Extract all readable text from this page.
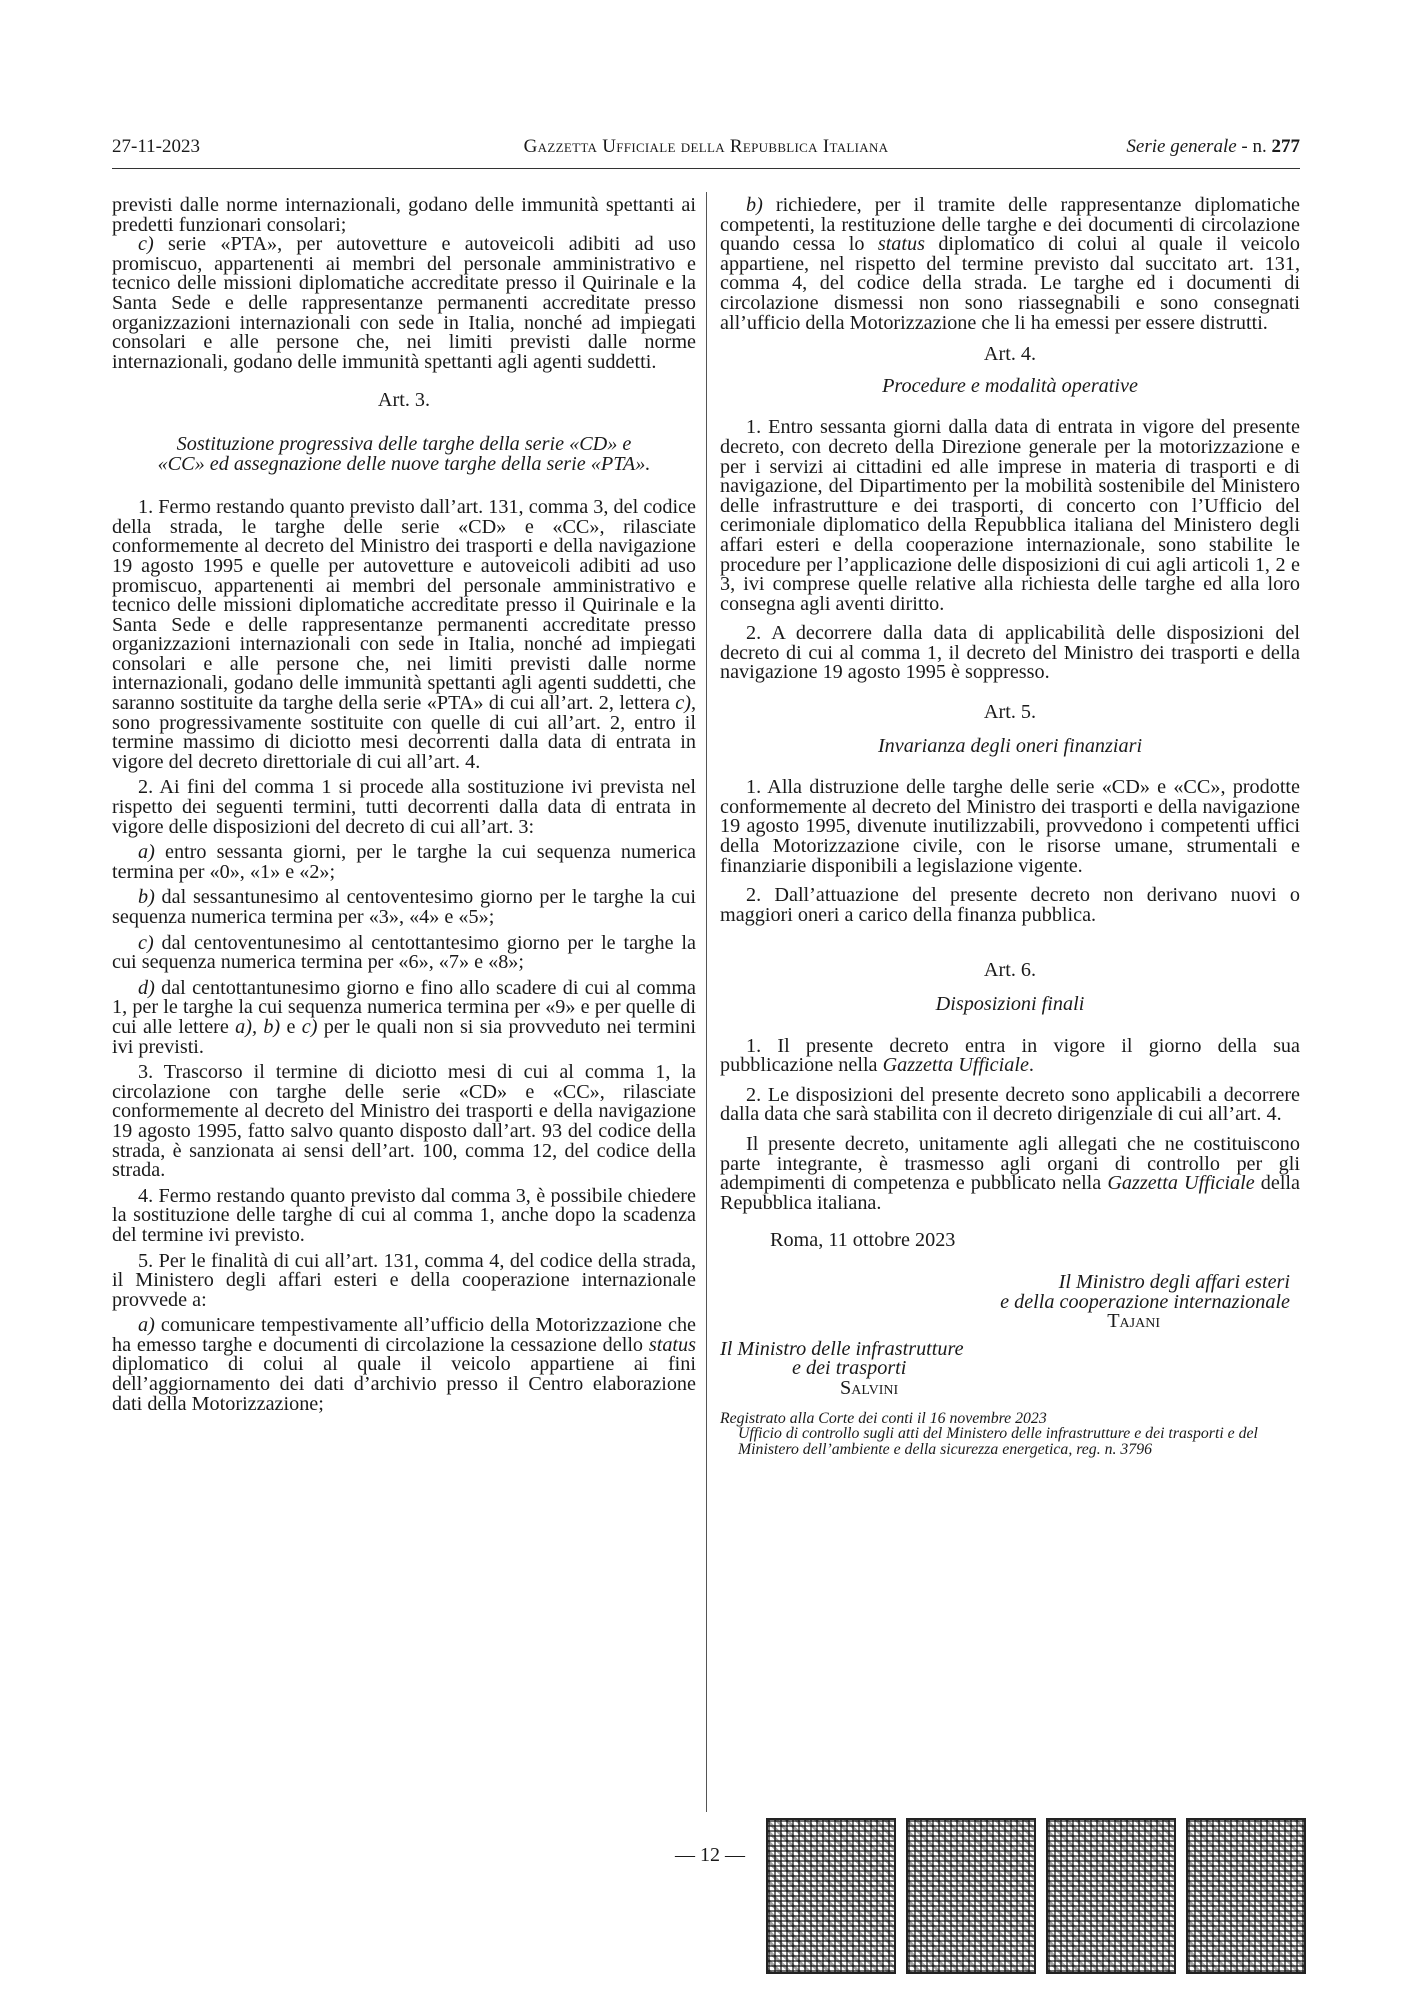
27-11-2023	Gazzetta Ufficiale della Repubblica Italiana	Serie generale - n. 277

previsti dalle norme internazionali, godano delle immunità spettanti ai predetti funzionari consolari;

c) serie «PTA», per autovetture e autoveicoli adibiti ad uso promiscuo, appartenenti ai membri del personale amministrativo e tecnico delle missioni diplomatiche accreditate presso il Quirinale e la Santa Sede e delle rappresentanze permanenti accreditate presso organizzazioni internazionali con sede in Italia, nonché ad impiegati consolari e alle persone che, nei limiti previsti dalle norme internazionali, godano delle immunità spettanti agli agenti suddetti.

Art. 3.

Sostituzione progressiva delle targhe della serie «CD» e
«CC» ed assegnazione delle nuove targhe della serie «PTA».

1. Fermo restando quanto previsto dall’art. 131, comma 3, del codice della strada, le targhe delle serie «CD» e «CC», rilasciate conformemente al decreto del Ministro dei trasporti e della navigazione 19 agosto 1995 e quelle per autovetture e autoveicoli adibiti ad uso promiscuo, appartenenti ai membri del personale amministrativo e tecnico delle missioni diplomatiche accreditate presso il Quirinale e la Santa Sede e delle rappresentanze permanenti accreditate presso organizzazioni internazionali con sede in Italia, nonché ad impiegati consolari e alle persone che, nei limiti previsti dalle norme internazionali, godano delle immunità spettanti agli agenti suddetti, che saranno sostituite da targhe della serie «PTA» di cui all’art. 2, lettera c), sono progressivamente sostituite con quelle di cui all’art. 2, entro il termine massimo di diciotto mesi decorrenti dalla data di entrata in vigore del decreto direttoriale di cui all’art. 4.

2. Ai fini del comma 1 si procede alla sostituzione ivi prevista nel rispetto dei seguenti termini, tutti decorrenti dalla data di entrata in vigore delle disposizioni del decreto di cui all’art. 3:

a) entro sessanta giorni, per le targhe la cui sequenza numerica termina per «0», «1» e «2»;

b) dal sessantunesimo al centoventesimo giorno per le targhe la cui sequenza numerica termina per «3», «4» e «5»;

c) dal centoventunesimo al centottantesimo giorno per le targhe la cui sequenza numerica termina per «6», «7» e «8»;

d) dal centottantunesimo giorno e fino allo scadere di cui al comma 1, per le targhe la cui sequenza numerica termina per «9» e per quelle di cui alle lettere a), b) e c) per le quali non si sia provveduto nei termini ivi previsti.

3. Trascorso il termine di diciotto mesi di cui al comma 1, la circolazione con targhe delle serie «CD» e «CC», rilasciate conformemente al decreto del Ministro dei trasporti e della navigazione 19 agosto 1995, fatto salvo quanto disposto dall’art. 93 del codice della strada, è sanzionata ai sensi dell’art. 100, comma 12, del codice della strada.

4. Fermo restando quanto previsto dal comma 3, è possibile chiedere la sostituzione delle targhe di cui al comma 1, anche dopo la scadenza del termine ivi previsto.

5. Per le finalità di cui all’art. 131, comma 4, del codice della strada, il Ministero degli affari esteri e della cooperazione internazionale provvede a:

a) comunicare tempestivamente all’ufficio della Motorizzazione che ha emesso targhe e documenti di circolazione la cessazione dello status diplomatico di colui al quale il veicolo appartiene ai fini dell’aggiornamento dei dati d’archivio presso il Centro elaborazione dati della Motorizzazione;

b) richiedere, per il tramite delle rappresentanze diplomatiche competenti, la restituzione delle targhe e dei documenti di circolazione quando cessa lo status diplomatico di colui al quale il veicolo appartiene, nel rispetto del termine previsto dal succitato art. 131, comma 4, del codice della strada. Le targhe ed i documenti di circolazione dismessi non sono riassegnabili e sono consegnati all’ufficio della Motorizzazione che li ha emessi per essere distrutti.

Art. 4.

Procedure e modalità operative

1. Entro sessanta giorni dalla data di entrata in vigore del presente decreto, con decreto della Direzione generale per la motorizzazione e per i servizi ai cittadini ed alle imprese in materia di trasporti e di navigazione, del Dipartimento per la mobilità sostenibile del Ministero delle infrastrutture e dei trasporti, di concerto con l’Ufficio del cerimoniale diplomatico della Repubblica italiana del Ministero degli affari esteri e della cooperazione internazionale, sono stabilite le procedure per l’applicazione delle disposizioni di cui agli articoli 1, 2 e 3, ivi comprese quelle relative alla richiesta delle targhe ed alla loro consegna agli aventi diritto.

2. A decorrere dalla data di applicabilità delle disposizioni del decreto di cui al comma 1, il decreto del Ministro dei trasporti e della navigazione 19 agosto 1995 è soppresso.

Art. 5.

Invarianza degli oneri finanziari

1. Alla distruzione delle targhe delle serie «CD» e «CC», prodotte conformemente al decreto del Ministro dei trasporti e della navigazione 19 agosto 1995, divenute inutilizzabili, provvedono i competenti uffici della Motorizzazione civile, con le risorse umane, strumentali e finanziarie disponibili a legislazione vigente.

2. Dall’attuazione del presente decreto non derivano nuovi o maggiori oneri a carico della finanza pubblica.

Art. 6.

Disposizioni finali

1. Il presente decreto entra in vigore il giorno della sua pubblicazione nella Gazzetta Ufficiale.

2. Le disposizioni del presente decreto sono applicabili a decorrere dalla data che sarà stabilita con il decreto dirigenziale di cui all’art. 4.

Il presente decreto, unitamente agli allegati che ne costituiscono parte integrante, è trasmesso agli organi di controllo per gli adempimenti di competenza e pubblicato nella Gazzetta Ufficiale della Repubblica italiana.

Roma, 11 ottobre 2023

Il Ministro degli affari esteri
e della cooperazione internazionale
Tajani
Il Ministro delle infrastrutture
e dei trasporti
Salvini
Registrato alla Corte dei conti il 16 novembre 2023
Ufficio di controllo sugli atti del Ministero delle infrastrutture e dei trasporti e del Ministero dell’ambiente e della sicurezza energetica, reg. n. 3796
— 12 —
